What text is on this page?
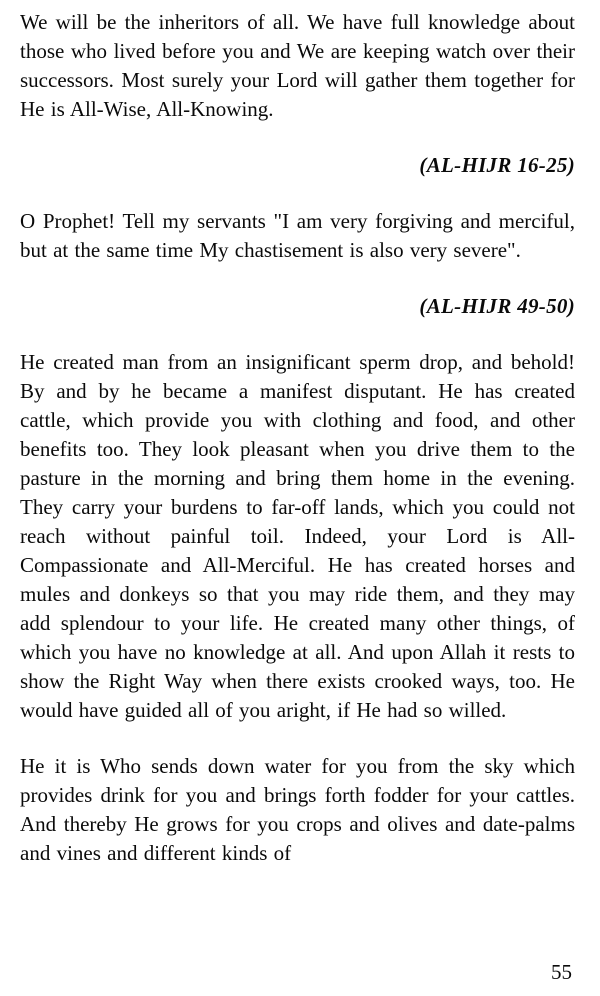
We will be the inheritors of all. We have full knowledge about those who lived before you and We are keeping watch over their successors. Most surely your Lord will gather them together for He is All-Wise, All-Knowing.

(AL-HIJR 16-25)

O Prophet! Tell my servants "I am very forgiving and merciful, but at the same time My chastisement is also very severe".

(AL-HIJR 49-50)

He created man from an insignificant sperm drop, and behold! By and by he became a manifest disputant. He has created cattle, which provide you with clothing and food, and other benefits too. They look pleasant when you drive them to the pasture in the morning and bring them home in the evening. They carry your burdens to far-off lands, which you could not reach without painful toil. Indeed, your Lord is All-Compassionate and All-Merciful. He has created horses and mules and donkeys so that you may ride them, and they may add splendour to your life. He created many other things, of which you have no knowledge at all. And upon Allah it rests to show the Right Way when there exists crooked ways, too. He would have guided all of you aright, if He had so willed.

He it is Who sends down water for you from the sky which provides drink for you and brings forth fodder for your cattles. And thereby He grows for you crops and olives and date-palms and vines and different kinds of

55
